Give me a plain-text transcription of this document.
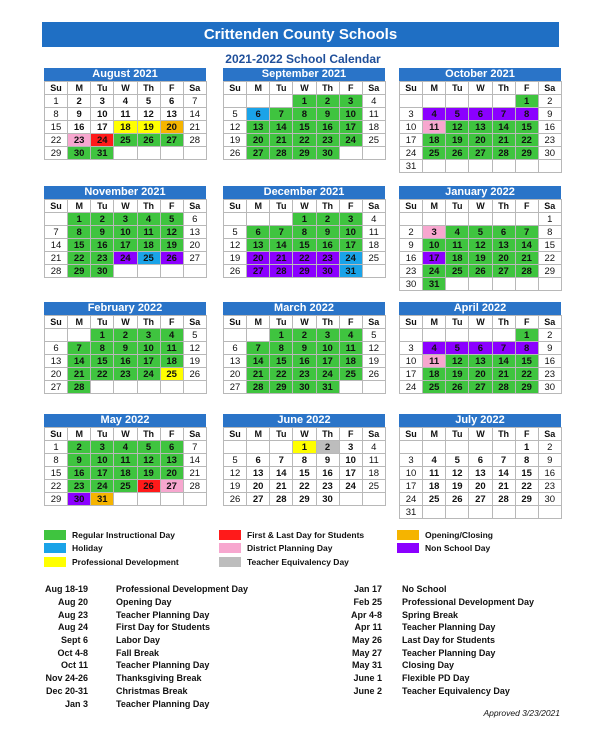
Crittenden County Schools
2021-2022 School Calendar
August 2021
Su	M	Tu	W	Th	F	Sa
1	2	3	4	5	6	7
8	9	10	11	12	13	14
15	16	17	18	19	20	21
22	23	24	25	26	27	28
29	30	31				
September 2021
Su	M	Tu	W	Th	F	Sa
			1	2	3	4
5	6	7	8	9	10	11
12	13	14	15	16	17	18
19	20	21	22	23	24	25
26	27	28	29	30		
October 2021
Su	M	Tu	W	Th	F	Sa
					1	2
3	4	5	6	7	8	9
10	11	12	13	14	15	16
17	18	19	20	21	22	23
24	25	26	27	28	29	30
31						
November 2021
Su	M	Tu	W	Th	F	Sa
	1	2	3	4	5	6
7	8	9	10	11	12	13
14	15	16	17	18	19	20
21	22	23	24	25	26	27
28	29	30				
December 2021
Su	M	Tu	W	Th	F	Sa
			1	2	3	4
5	6	7	8	9	10	11
12	13	14	15	16	17	18
19	20	21	22	23	24	25
26	27	28	29	30	31	
January 2022
Su	M	Tu	W	Th	F	Sa
						1
2	3	4	5	6	7	8
9	10	11	12	13	14	15
16	17	18	19	20	21	22
23	24	25	26	27	28	29
30	31					
February 2022
Su	M	Tu	W	Th	F	Sa
		1	2	3	4	5
6	7	8	9	10	11	12
13	14	15	16	17	18	19
20	21	22	23	24	25	26
27	28					
March 2022
Su	M	Tu	W	Th	F	Sa
		1	2	3	4	5
6	7	8	9	10	11	12
13	14	15	16	17	18	19
20	21	22	23	24	25	26
27	28	29	30	31		
April 2022
Su	M	Tu	W	Th	F	Sa
					1	2
3	4	5	6	7	8	9
10	11	12	13	14	15	16
17	18	19	20	21	22	23
24	25	26	27	28	29	30
May 2022
Su	M	Tu	W	Th	F	Sa
1	2	3	4	5	6	7
8	9	10	11	12	13	14
15	16	17	18	19	20	21
22	23	24	25	26	27	28
29	30	31				
June 2022
Su	M	Tu	W	Th	F	Sa
			1	2	3	4
5	6	7	8	9	10	11
12	13	14	15	16	17	18
19	20	21	22	23	24	25
26	27	28	29	30		
July 2022
Su	M	Tu	W	Th	F	Sa
					1	2
3	4	5	6	7	8	9
10	11	12	13	14	15	16
17	18	19	20	21	22	23
24	25	26	27	28	29	30
31						
Regular Instructional Day
Holiday
Professional Development
First & Last Day for Students
District Planning Day
Teacher Equivalency Day
Opening/Closing
Non School Day
Aug 18-19	Professional Development Day
Aug 20	Opening Day
Aug 23	Teacher Planning Day
Aug 24	First Day for Students
Sept 6	Labor Day
Oct 4-8	Fall Break
Oct 11	Teacher Planning Day
Nov 24-26	Thanksgiving Break
Dec 20-31	Christmas Break
Jan 3	Teacher Planning Day
Jan 17	No School
Feb 25	Professional Development Day
Apr 4-8	Spring Break
Apr 11	Teacher Planning Day
May 26	Last Day for Students
May 27	Teacher Planning Day
May 31	Closing Day
June 1	Flexible PD Day
June 2	Teacher Equivalency Day
Approved 3/23/2021
